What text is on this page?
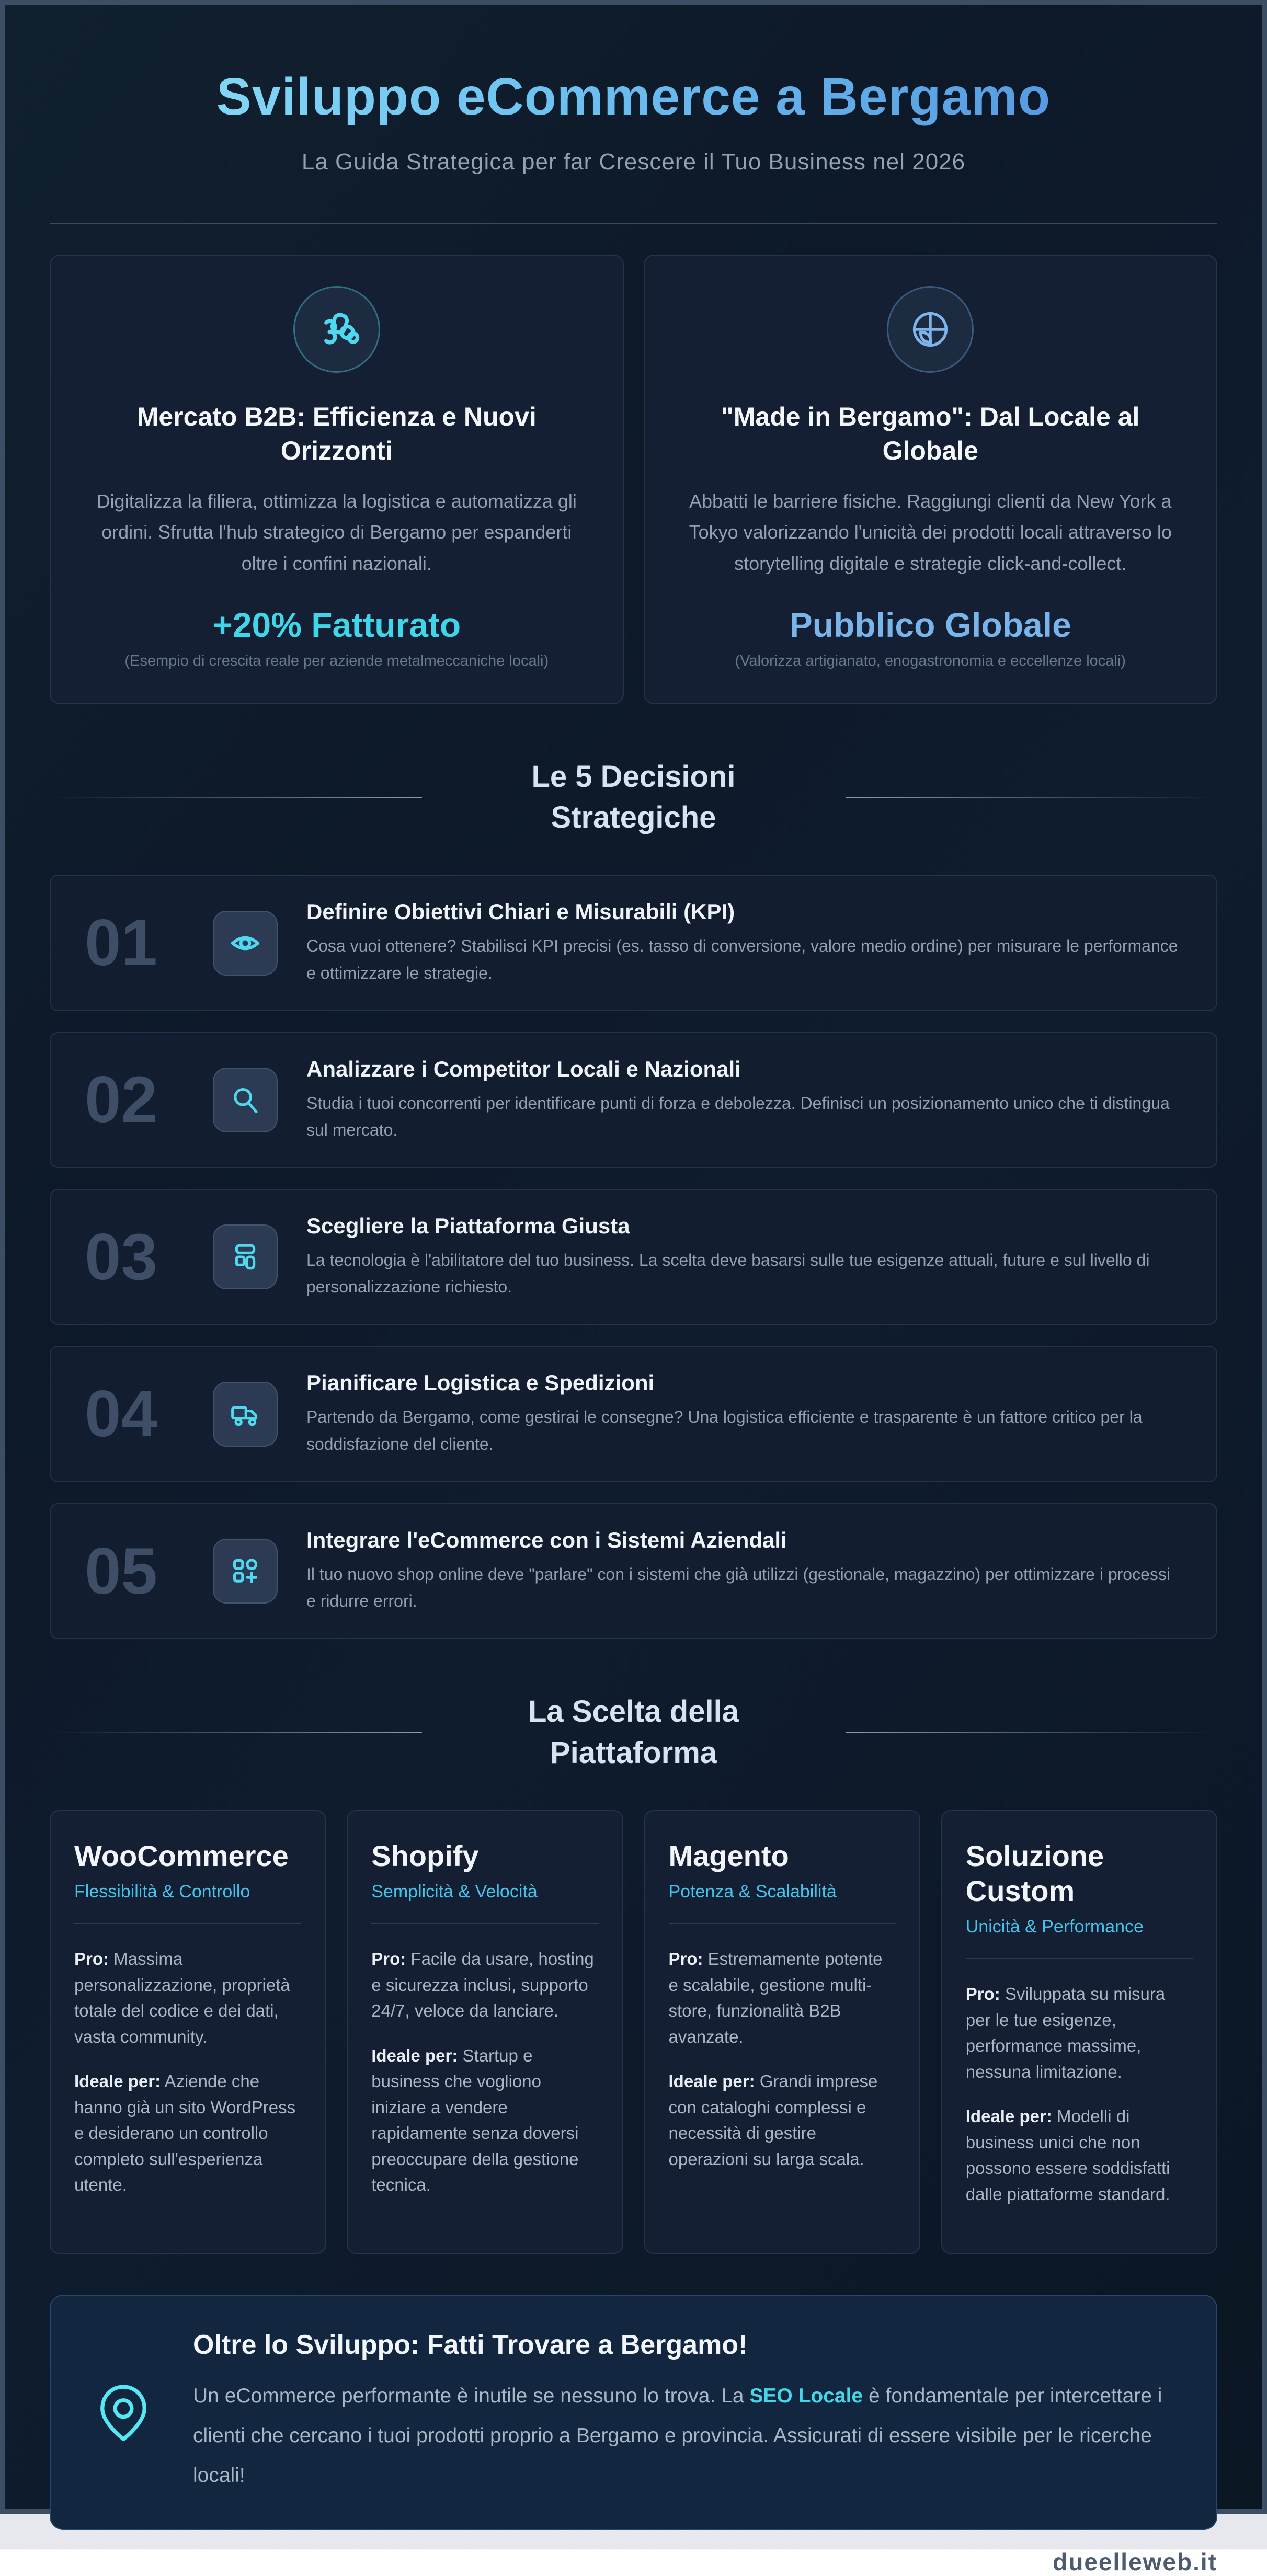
Sviluppo eCommerce a Bergamo

La Guida Strategica per far Crescere il Tuo Business nel 2026

Mercato B2B: Efficienza e Nuovi Orizzonti

Digitalizza la filiera, ottimizza la logistica e automatizza gli ordini. Sfrutta l'hub strategico di Bergamo per espanderti oltre i confini nazionali.

+20% Fatturato
(Esempio di crescita reale per aziende metalmeccaniche locali)
"Made in Bergamo": Dal Locale al Globale

Abbatti le barriere fisiche. Raggiungi clienti da New York a Tokyo valorizzando l'unicità dei prodotti locali attraverso lo storytelling digitale e strategie click-and-collect.

Pubblico Globale
(Valorizza artigianato, enogastronomia e eccellenze locali)
Le 5 Decisioni Strategiche
01	Definire Obiettivi Chiari e Misurabili (KPI)

Cosa vuoi ottenere? Stabilisci KPI precisi (es. tasso di conversione, valore medio ordine) per misurare le performance e ottimizzare le strategie.

02	Analizzare i Competitor Locali e Nazionali

Studia i tuoi concorrenti per identificare punti di forza e debolezza. Definisci un posizionamento unico che ti distingua sul mercato.

03	Scegliere la Piattaforma Giusta

La tecnologia è l'abilitatore del tuo business. La scelta deve basarsi sulle tue esigenze attuali, future e sul livello di personalizzazione richiesto.

04	Pianificare Logistica e Spedizioni

Partendo da Bergamo, come gestirai le consegne? Una logistica efficiente e trasparente è un fattore critico per la soddisfazione del cliente.

05	Integrare l'eCommerce con i Sistemi Aziendali

Il tuo nuovo shop online deve "parlare" con i sistemi che già utilizzi (gestionale, magazzino) per ottimizzare i processi e ridurre errori.

La Scelta della Piattaforma
WooCommerce
Flessibilità & Controllo

Pro: Massima personalizzazione, proprietà totale del codice e dei dati, vasta community.

Ideale per: Aziende che hanno già un sito WordPress e desiderano un controllo completo sull'esperienza utente.

Shopify
Semplicità & Velocità

Pro: Facile da usare, hosting e sicurezza inclusi, supporto 24/7, veloce da lanciare.

Ideale per: Startup e business che vogliono iniziare a vendere rapidamente senza doversi preoccupare della gestione tecnica.

Magento
Potenza & Scalabilità

Pro: Estremamente potente e scalabile, gestione multi-store, funzionalità B2B avanzate.

Ideale per: Grandi imprese con cataloghi complessi e necessità di gestire operazioni su larga scala.

Soluzione Custom
Unicità & Performance

Pro: Sviluppata su misura per le tue esigenze, performance massime, nessuna limitazione.

Ideale per: Modelli di business unici che non possono essere soddisfatti dalle piattaforme standard.

Oltre lo Sviluppo: Fatti Trovare a Bergamo!

Un eCommerce performante è inutile se nessuno lo trova. La SEO Locale è fondamentale per intercettare i clienti che cercano i tuoi prodotti proprio a Bergamo e provincia. Assicurati di essere visibile per le ricerche locali!

dueelleweb.it
